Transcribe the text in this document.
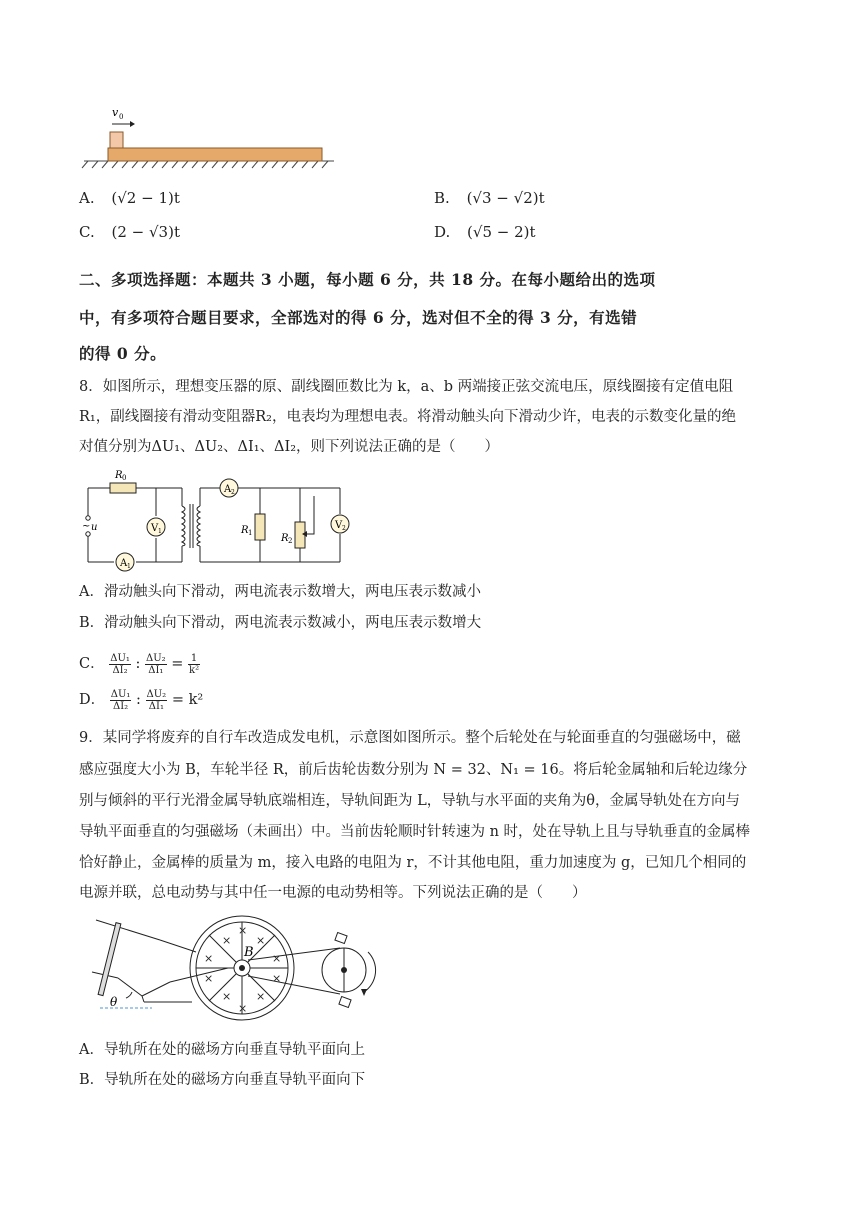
v 0
A. (√2 − 1)t	B. (√3 − √2)t
C. (2 − √3)t	D. (√5 − 2)t
二、多项选择题：本题共 3 小题，每小题 6 分，共 18 分。在每小题给出的选项
中，有多项符合题目要求，全部选对的得 6 分，选对但不全的得 3 分，有选错
的得 0 分。
8．如图所示，理想变压器的原、副线圈匝数比为 k，a、b 两端接正弦交流电压，原线圈接有定值电阻
R₁，副线圈接有滑动变阻器R₂，电表均为理想电表。将滑动触头向下滑动少许，电表的示数变化量的绝
对值分别为ΔU₁、ΔU₂、ΔI₁、ΔI₂，则下列说法正确的是（　　）
R 0
~ u	V 1
A 1
A 2
R 1	R 2
V 2
A．滑动触头向下滑动，两电流表示数增大，两电压表示数减小
B．滑动触头向下滑动，两电流表示数减小，两电压表示数增大
C． $\frac{\text{ΔU₁}}{\text{ΔI₂}}$ : $\frac{\text{ΔU₂}}{\text{ΔI₁}} = \frac{1}{\text{k²}}$
D． $\frac{\text{ΔU₁}}{\text{ΔI₂}}$ : $\frac{\text{ΔU₂}}{\text{ΔI₁}} = k^2$
9．某同学将废弃的自行车改造成发电机，示意图如图所示。整个后轮处在与轮面垂直的匀强磁场中，磁
感应强度大小为 B，车轮半径 R，前后齿轮齿数分别为 N = 32、N₁ = 16。将后轮金属轴和后轮边缘分
别与倾斜的平行光滑金属导轨底端相连，导轨间距为 L，导轨与水平面的夹角为θ，金属导轨处在方向与
导轨平面垂直的匀强磁场（未画出）中。当前齿轮顺时针转速为 n 时，处在导轨上且与导轨垂直的金属棒
恰好静止，金属棒的质量为 m，接入电路的电阻为 r，不计其他电阻，重力加速度为 g，已知几个相同的
电源并联，总电动势与其中任一电源的电动势相等。下列说法正确的是（　　）
× ×
×	×
×	×
× ×
×
×
B
θ
A．导轨所在处的磁场方向垂直导轨平面向上
B．导轨所在处的磁场方向垂直导轨平面向下
